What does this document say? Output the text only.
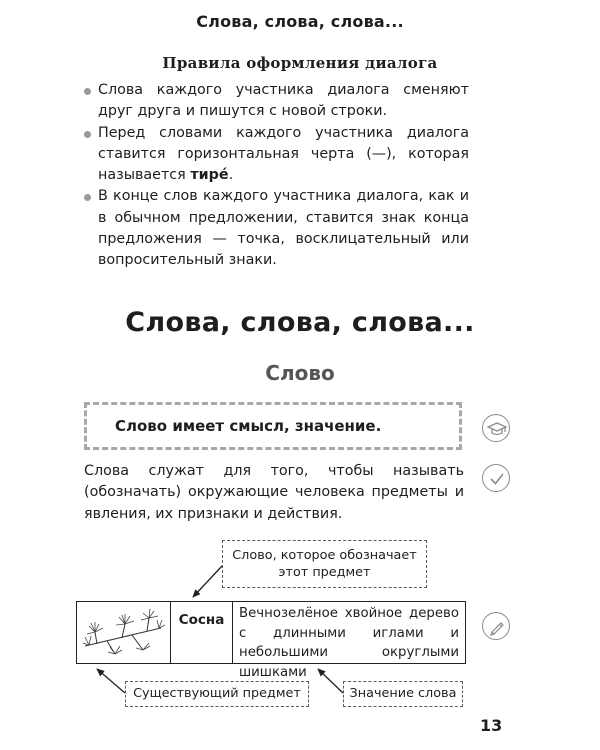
Слова, слова, слова...
Правила оформления диалога
Слова каждого участника диалога сменяют друг друга и пишутся с новой строки.
Перед словами каждого участника диалога ставится горизонтальная черта (—), которая называется тире́.
В конце слов каждого участника диалога, как и в обычном предложении, ставится знак конца предложения — точка, восклицательный или вопросительный знаки.
Слова, слова, слова...
Слово
Слово имеет смысл, значение.

Слова служат для того, чтобы называть (обозначать) окружающие человека предметы и явления, их признаки и действия.

Слово, которое обозначает этот предмет
Сосна	Вечнозелёное хвойное дерево с длинными иглами и небольшими округлыми шишками
Существующий предмет	Значение слова
13
